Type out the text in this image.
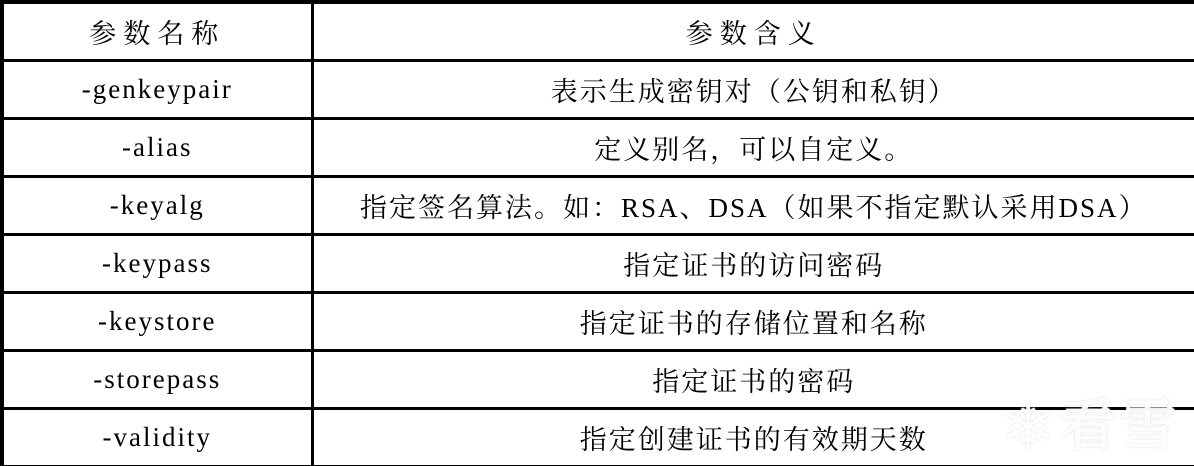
参数名称	参数含义
-genkeypair	表示生成密钥对（公钥和私钥）
-alias	定义别名，可以自定义。
-keyalg	指定签名算法。如：RSA、DSA（如果不指定默认采用DSA）
-keypass	指定证书的访问密码
-keystore	指定证书的存储位置和名称
-storepass	指定证书的密码
-validity	指定创建证书的有效期天数 ❄ 看雪
